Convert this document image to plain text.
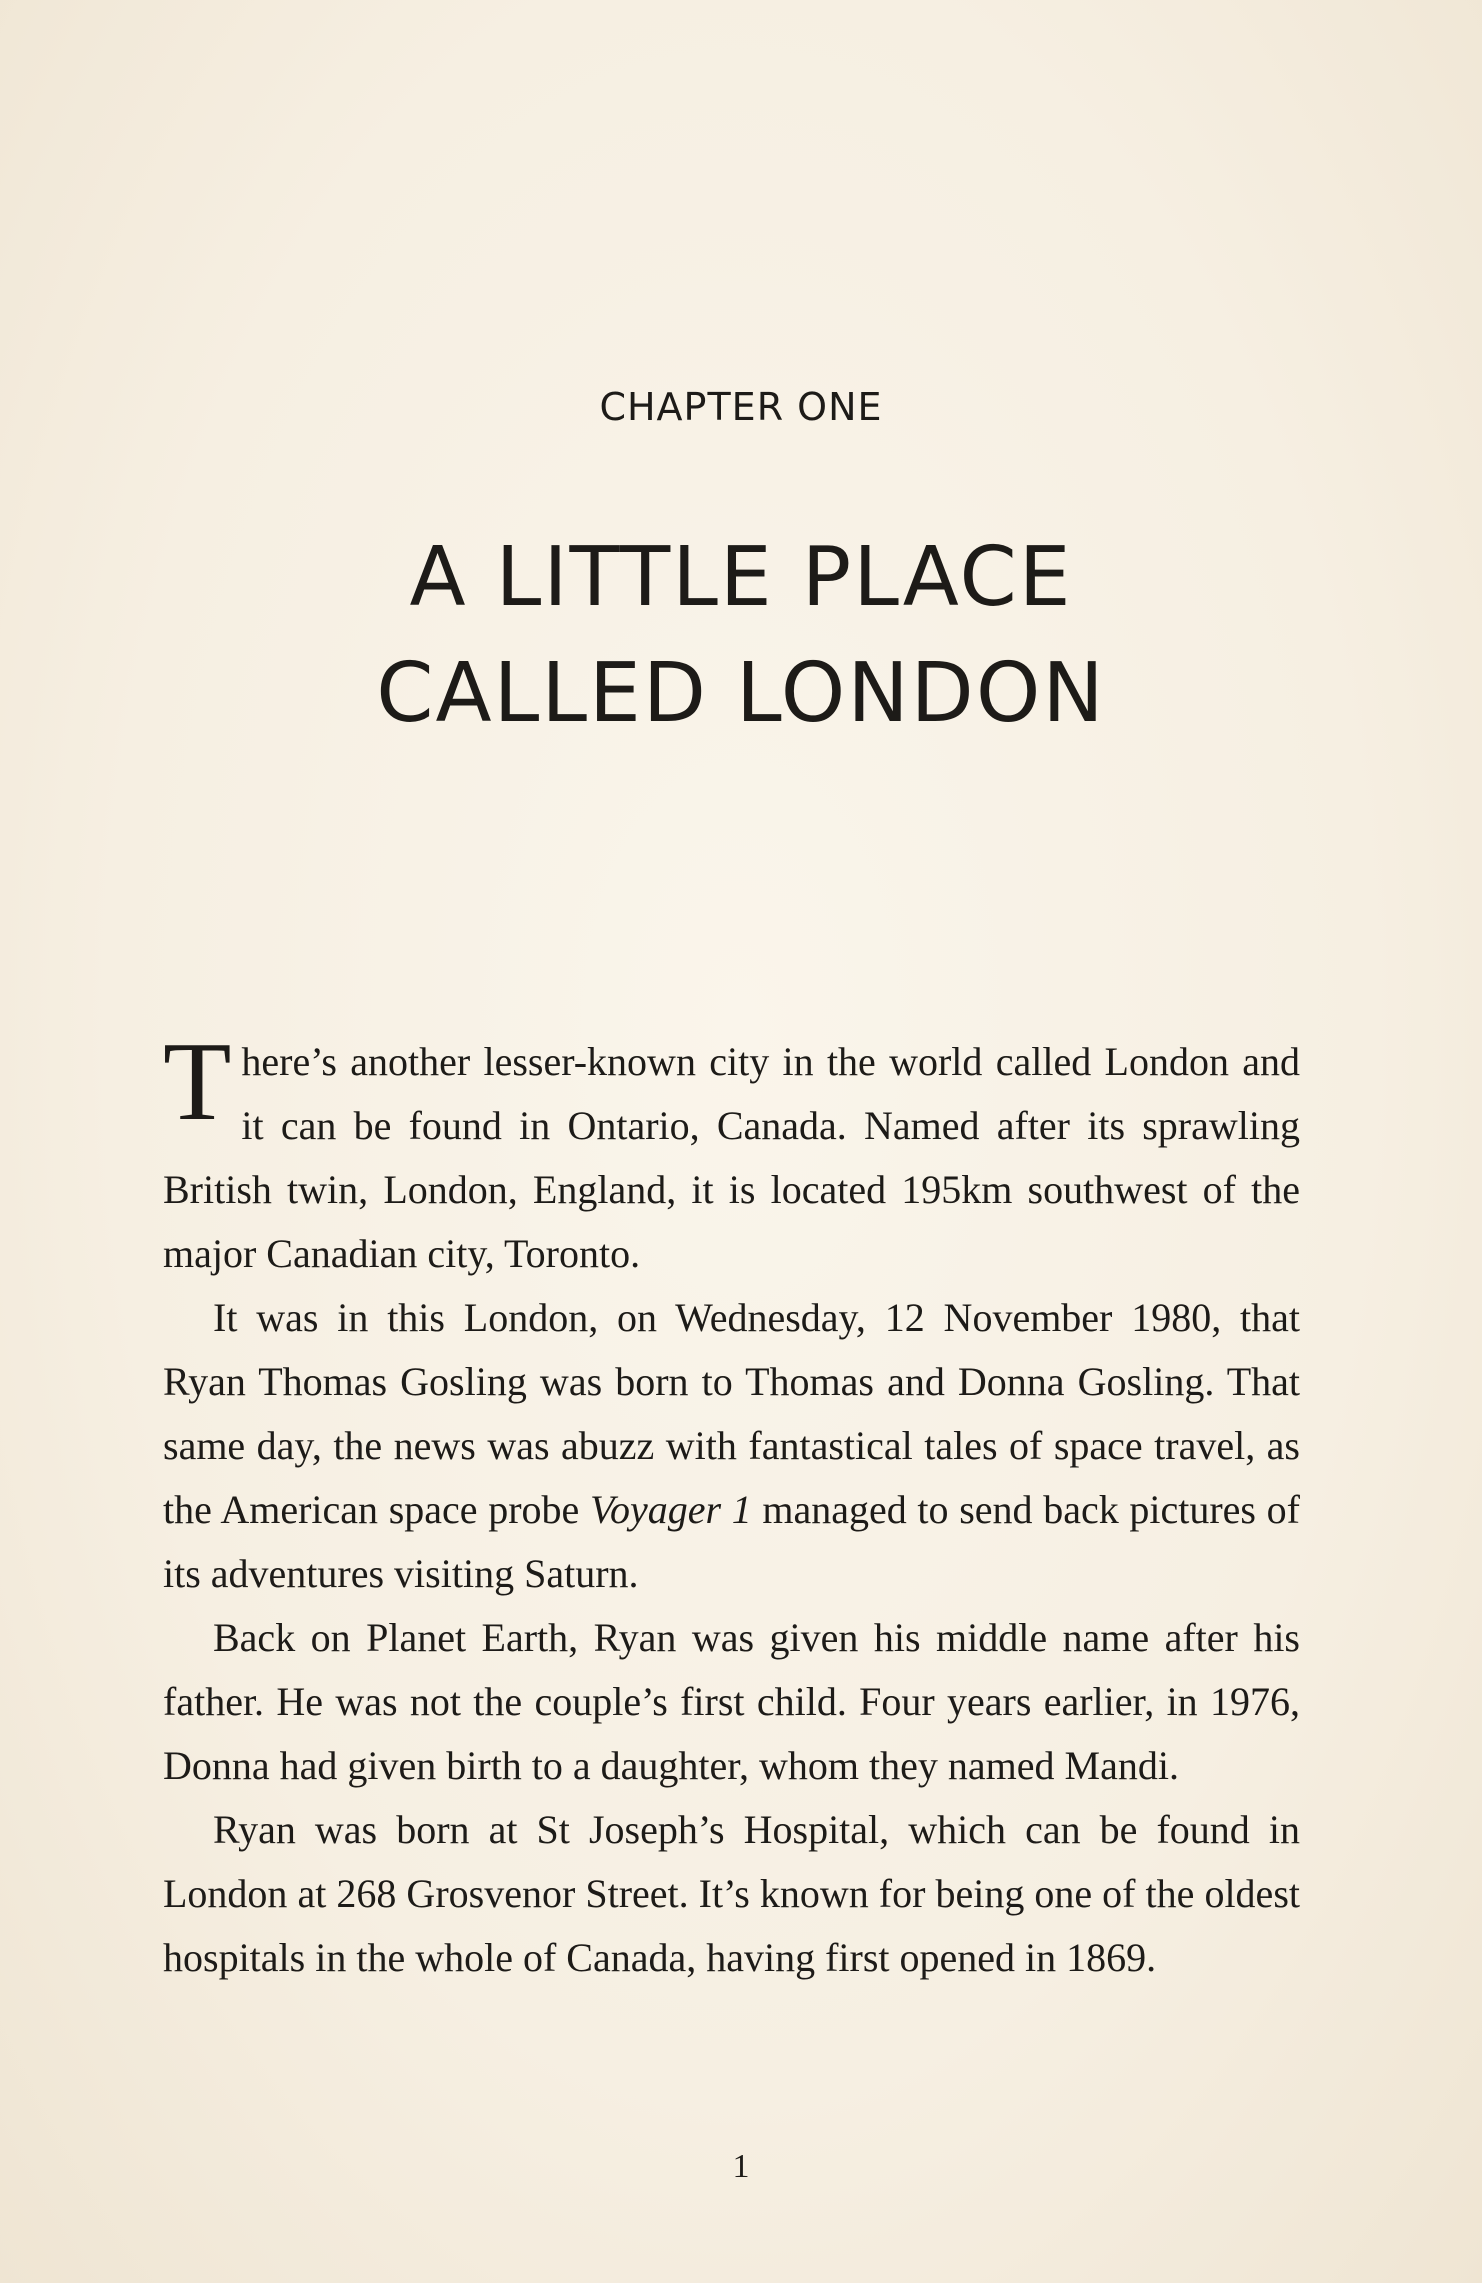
CHAPTER ONE
A LITTLE PLACE
CALLED LONDON

There’s another lesser-known city in the world called London and it can be found in Ontario, Canada. Named after its sprawling British twin, London, England, it is located 195km southwest of the major Canadian city, Toronto.

It was in this London, on Wednesday, 12 November 1980, that Ryan Thomas Gosling was born to Thomas and Donna Gosling. That same day, the news was abuzz with fantastical tales of space travel, as the American space probe Voyager 1 managed to send back pictures of its adventures visiting Saturn.

Back on Planet Earth, Ryan was given his middle name after his father. He was not the couple’s first child. Four years earlier, in 1976, Donna had given birth to a daughter, whom they named Mandi.

Ryan was born at St Joseph’s Hospital, which can be found in London at 268 Grosvenor Street. It’s known for being one of the oldest hospitals in the whole of Canada, having first opened in 1869.

1
